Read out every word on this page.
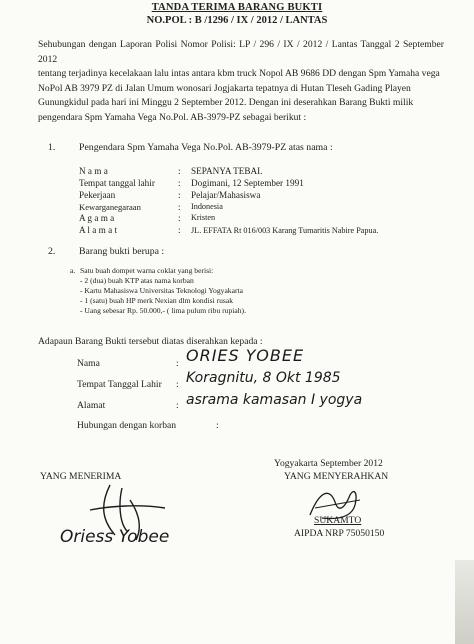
TANDA TERIMA BARANG BUKTI
NO.POL : B /1296 / IX / 2012 / LANTAS
Sehubungan dengan Laporan Polisi Nomor Polisi: LP / 296 / IX / 2012 / Lantas Tanggal 2 September 2012
tentang terjadinya kecelakaan lalu intas antara kbm truck Nopol AB 9686 DD dengan Spm Yamaha vega
NoPol AB 3979 PZ di Jalan Umum wonosari Jogjakarta tepatnya di Hutan Tleseh Gading Playen
Gunungkidul pada hari ini Minggu 2 September 2012. Dengan ini deserahkan Barang Bukti milik
pengendara Spm Yamaha Vega No.Pol. AB-3979-PZ sebagai berikut :
1. Pengendara Spm Yamaha Vega No.Pol. AB-3979-PZ atas nama :
N a m a	: SEPANYA TEBAI.
Tempat tanggal lahir	: Dogimani, 12 September 1991
Pekerjaan	: Pelajar/Mahasiswa
Kewarganegaraan	: Indonesia
A g a m a	: Kristen
A l a m a t	: JL. EFFATA Rt 016/003 Karang Tumaritis Nabire Papua.
2. Barang bukti berupa :
a. Satu buah dompet warna coklat yang berisi:
- 2 (dua) buah KTP atas nama korban
- Kartu Mahasiswa Universitas Teknologi Yogyakarta
- 1 (satu) buah HP merk Nexian dlm kondisi rusak
- Uang sebesar Rp. 50.000,- ( lima pulum ribu rupiah).
Adapaun Barang Bukti tersebut diatas diserahkan kepada :
Nama	: ORIES YOBEE
Tempat Tanggal Lahir : Koragnitu, 8 Okt 1985
Alamat	: asrama kamasan I yogya
Hubungan dengan korban	:
Yogyakarta September 2012
YANG MENERIMA	YANG MENYERAHKAN
Oriess Yobee
SUKAMTO
AIPDA NRP 75050150
